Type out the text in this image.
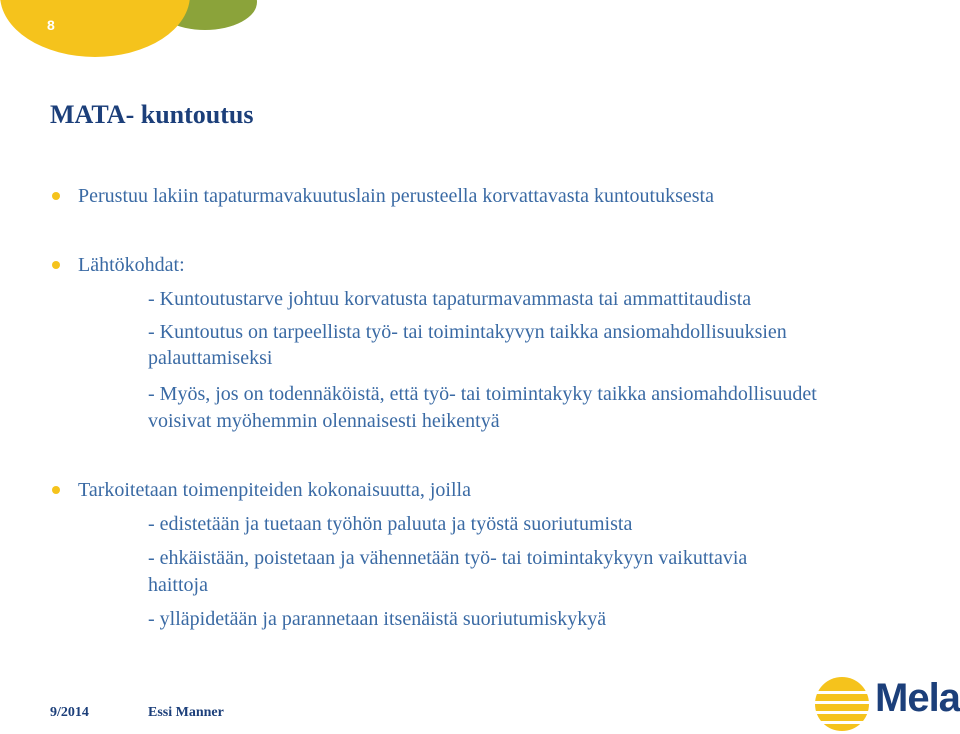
8
MATA- kuntoutus
Perustuu lakiin tapaturmavakuutuslain perusteella korvattavasta kuntoutuksesta
Lähtökohdat:
- Kuntoutustarve johtuu korvatusta tapaturmavammasta tai ammattitaudista
- Kuntoutus on tarpeellista työ- tai toimintakyvyn taikka ansiomahdollisuuksien
palauttamiseksi
- Myös, jos on todennäköistä, että työ- tai toimintakyky taikka ansiomahdollisuudet
voisivat myöhemmin olennaisesti heikentyä
Tarkoitetaan toimenpiteiden kokonaisuutta, joilla
- edistetään ja tuetaan työhön paluuta ja työstä suoriutumista
- ehkäistään, poistetaan ja vähennetään työ- tai toimintakykyyn vaikuttavia
haittoja
- ylläpidetään ja parannetaan itsenäistä suoriutumiskykyä
9/2014	Essi Manner	Mela
